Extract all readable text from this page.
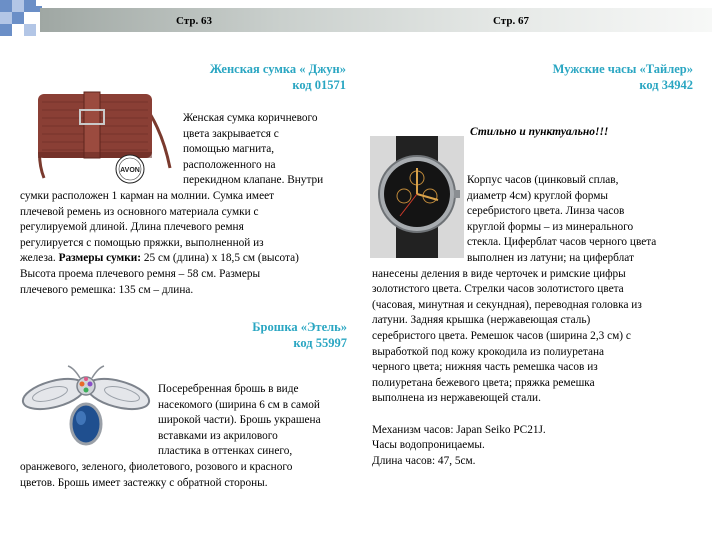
Стр. 63	Стр. 67
Женская сумка « Джун»
код 01571
AVON
Женская сумка коричневого
цвета закрывается с
помощью магнита,
расположенного на
перекидном клапане. Внутри
сумки расположен 1 карман на молнии. Сумка имеет
плечевой ремень из основного материала сумки с
регулируемой длиной. Длина плечевого ремня
регулируется с помощью пряжки, выполненной из
железа. Размеры сумки: 25 см (длина) х 18,5 см (высота)
Высота проема плечевого ремня – 58 см. Размеры
плечевого ремешка: 135 см – длина.
Брошка «Этель»
код 55997
Посеребренная брошь в виде
насекомого (ширина 6 см в самой
широкой части). Брошь украшена
вставками из акрилового
пластика в оттенках синего,
оранжевого, зеленого, фиолетового, розового и красного
цветов. Брошь имеет застежку с обратной стороны.
Мужские часы «Тайлер»
код 34942
Стильно и пунктуально!!!
Корпус часов (цинковый сплав,
диаметр 4см) круглой формы
серебристого цвета. Линза часов
круглой формы – из минерального
стекла. Циферблат часов черного цвета
выполнен из латуни; на циферблат
нанесены деления в виде черточек и римские цифры
золотистого цвета. Стрелки часов золотистого цвета
(часовая, минутная и секундная), переводная головка из
латуни. Задняя крышка (нержавеющая сталь)
серебристого цвета. Ремешок часов (ширина 2,3 см) с
выработкой под кожу крокодила из полиуретана
черного цвета; нижняя часть ремешка часов из
полиуретана бежевого цвета; пряжка ремешка
выполнена из нержавеющей стали.
Механизм часов: Japan Seiko PC21J.
Часы водопроницаемы.
Длина часов: 47, 5см.
